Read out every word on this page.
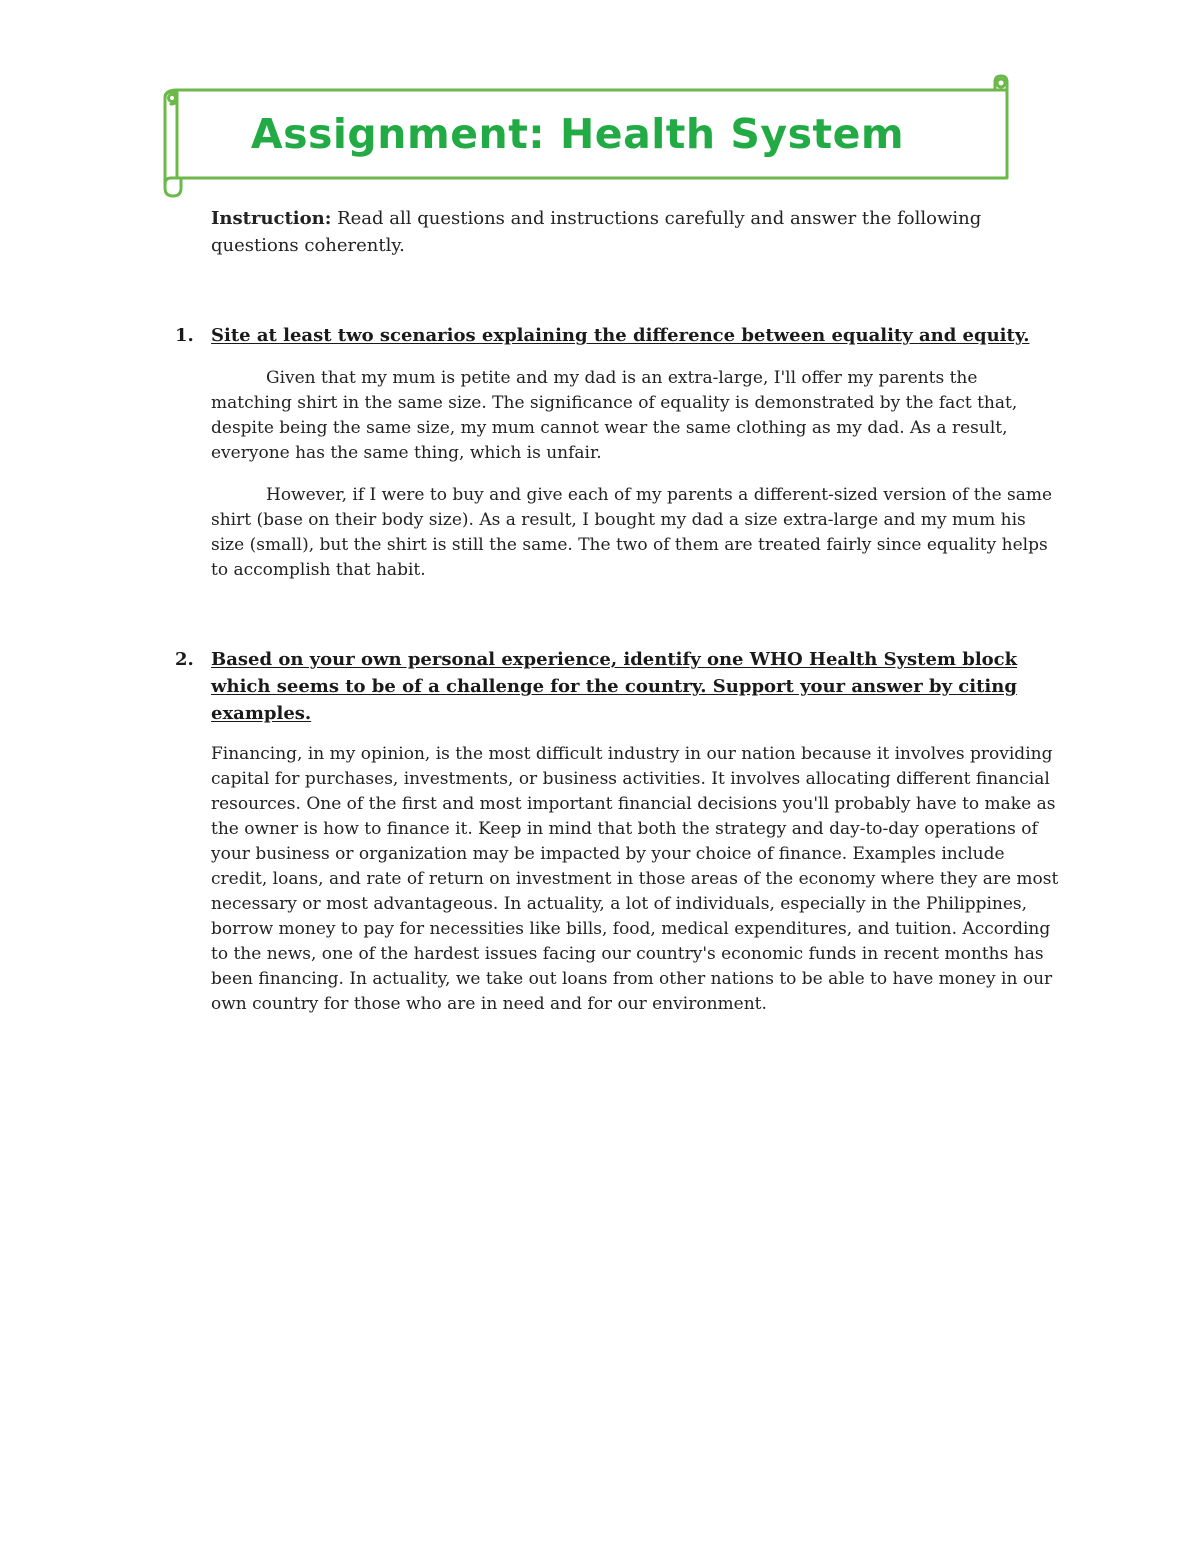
Assignment: Health System
Instruction: Read all questions and instructions carefully and answer the following questions coherently.
1. Site at least two scenarios explaining the difference between equality and equity.
Given that my mum is petite and my dad is an extra-large, I'll offer my parents the matching shirt in the same size. The significance of equality is demonstrated by the fact that, despite being the same size, my mum cannot wear the same clothing as my dad. As a result, everyone has the same thing, which is unfair.
However, if I were to buy and give each of my parents a different-sized version of the same shirt (base on their body size). As a result, I bought my dad a size extra-large and my mum his size (small), but the shirt is still the same. The two of them are treated fairly since equality helps to accomplish that habit.
2. Based on your own personal experience, identify one WHO Health System block which seems to be of a challenge for the country. Support your answer by citing examples.
Financing, in my opinion, is the most difficult industry in our nation because it involves providing capital for purchases, investments, or business activities. It involves allocating different financial resources. One of the first and most important financial decisions you'll probably have to make as the owner is how to finance it. Keep in mind that both the strategy and day-to-day operations of your business or organization may be impacted by your choice of finance. Examples include credit, loans, and rate of return on investment in those areas of the economy where they are most necessary or most advantageous. In actuality, a lot of individuals, especially in the Philippines, borrow money to pay for necessities like bills, food, medical expenditures, and tuition. According to the news, one of the hardest issues facing our country's economic funds in recent months has been financing. In actuality, we take out loans from other nations to be able to have money in our own country for those who are in need and for our environment.
